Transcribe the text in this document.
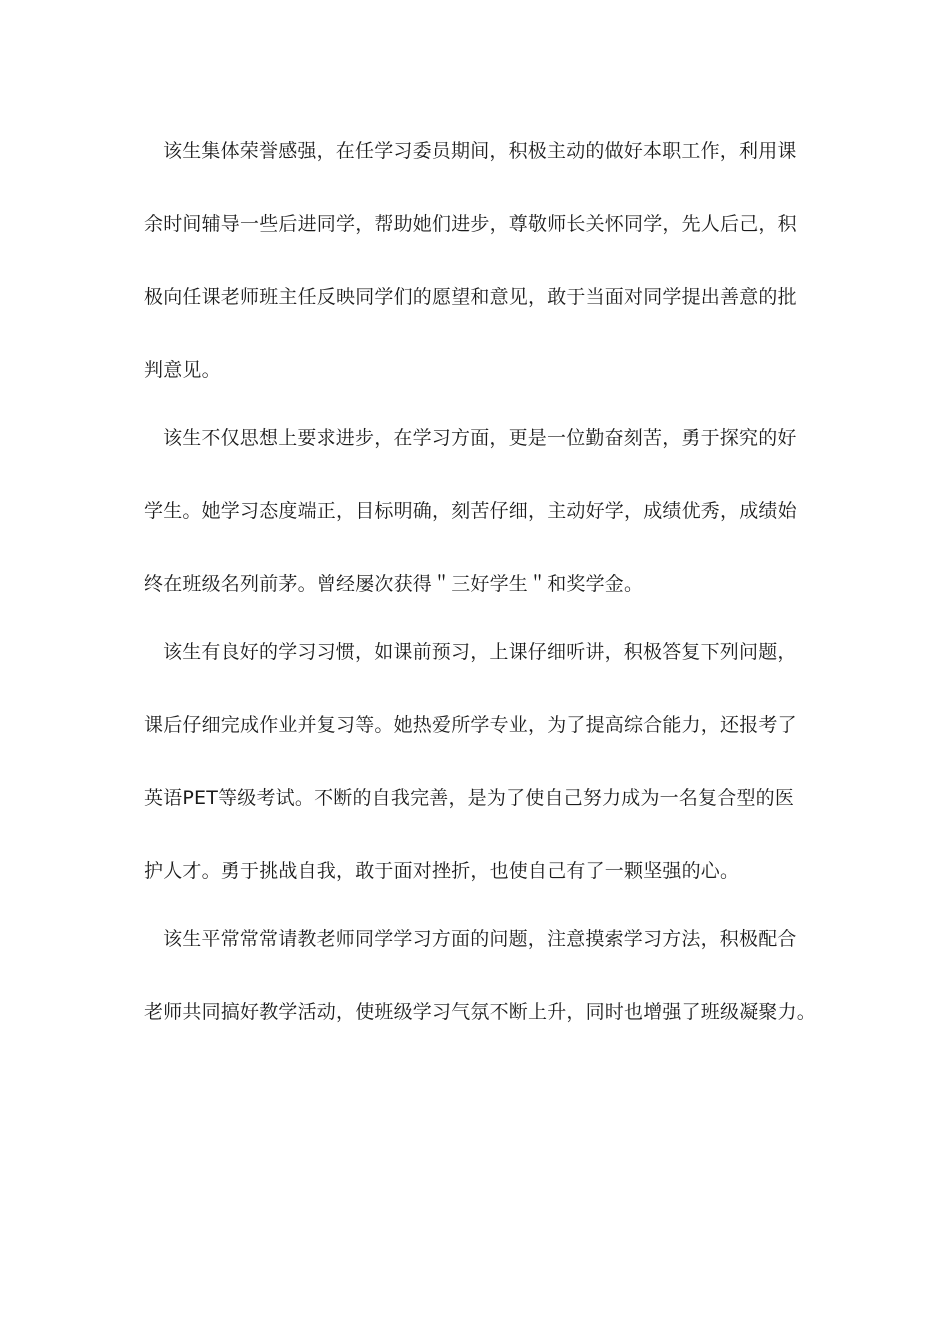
该生集体荣誉感强，在任学习委员期间，积极主动的做好本职工作，利用课
余时间辅导一些后进同学，帮助她们进步，尊敬师长关怀同学，先人后己，积
极向任课老师班主任反映同学们的愿望和意见，敢于当面对同学提出善意的批
判意见。
该生不仅思想上要求进步，在学习方面，更是一位勤奋刻苦，勇于探究的好
学生。她学习态度端正，目标明确，刻苦仔细，主动好学，成绩优秀，成绩始
终在班级名列前茅。曾经屡次获得＂三好学生＂和奖学金。
该生有良好的学习习惯，如课前预习，上课仔细听讲，积极答复下列问题，
课后仔细完成作业并复习等。她热爱所学专业，为了提高综合能力，还报考了
英语PET等级考试。不断的自我完善，是为了使自己努力成为一名复合型的医
护人才。勇于挑战自我，敢于面对挫折，也使自己有了一颗坚强的心。
该生平常常常请教老师同学学习方面的问题，注意摸索学习方法，积极配合
老师共同搞好教学活动，使班级学习气氛不断上升，同时也增强了班级凝聚力。
